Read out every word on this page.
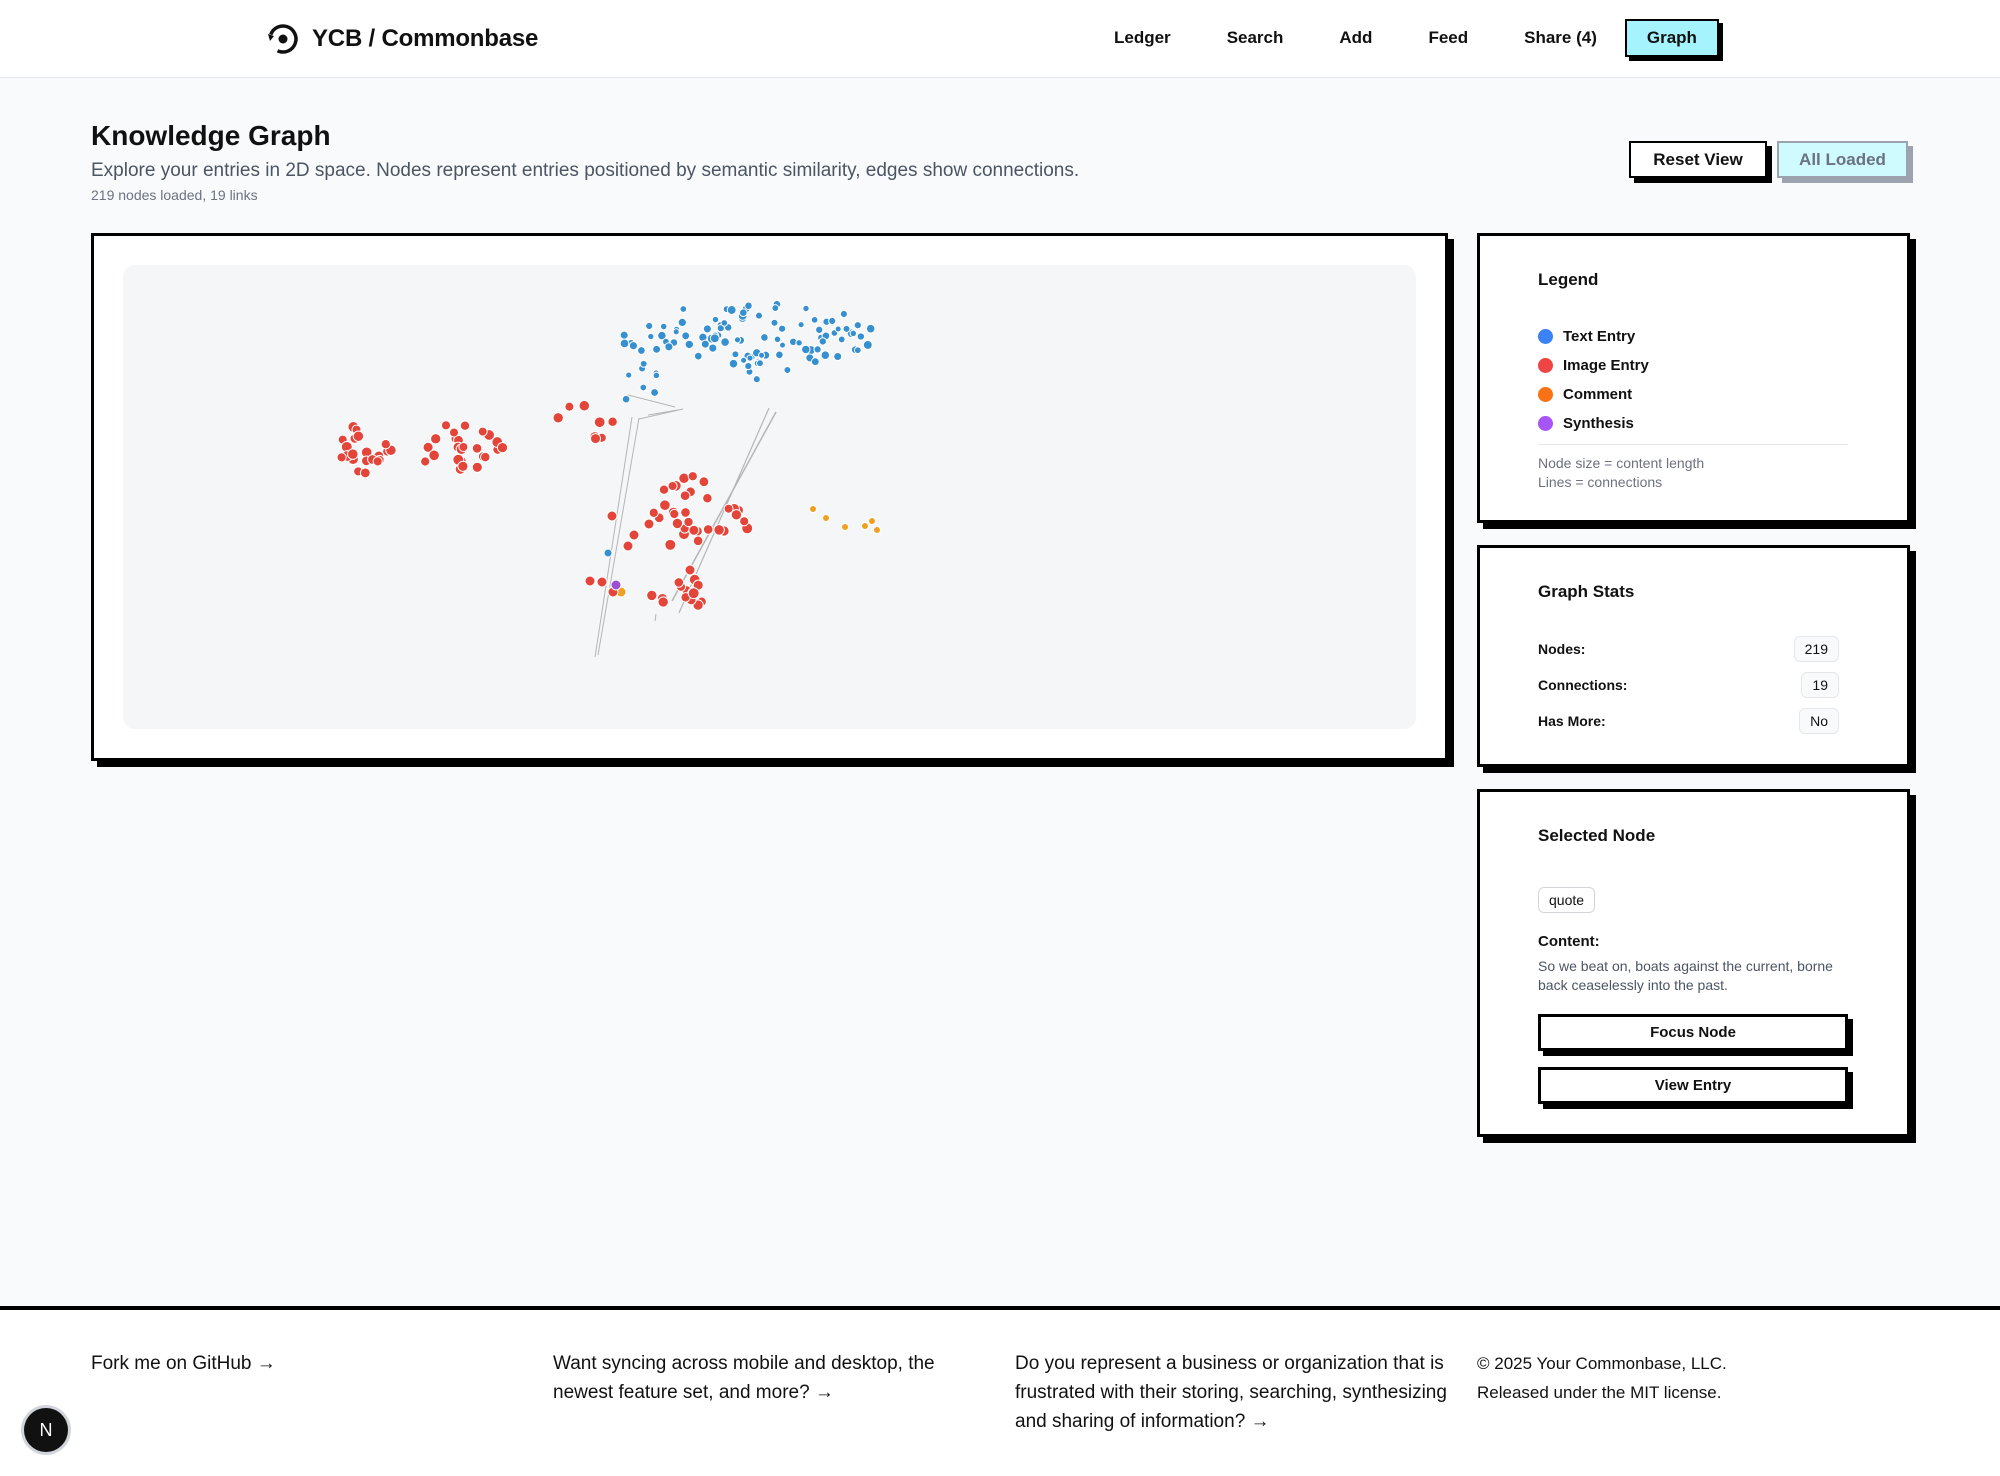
YCB / Commonbase	Ledger	Search	Add	Feed	Share (4)	Graph
Knowledge Graph

Explore your entries in 2D space. Nodes represent entries positioned by semantic similarity, edges show connections.

219 nodes loaded, 19 links

Reset View	All Loaded
Legend
Text Entry
Image Entry
Comment
Synthesis
Node size = content length
Lines = connections
Graph Stats
Nodes:	219
Connections:	19
Has More:	No
Selected Node
quote
Content:
So we beat on, boats against the current, borne back ceaselessly into the past.
Focus Node
View Entry
Fork me on GitHub →	Want syncing across mobile and desktop, the newest feature set, and more? →
Do you represent a business or organization that is frustrated with their storing, searching, synthesizing and sharing of information? →
© 2025 Your Commonbase, LLC.
Released under the MIT license.
N
